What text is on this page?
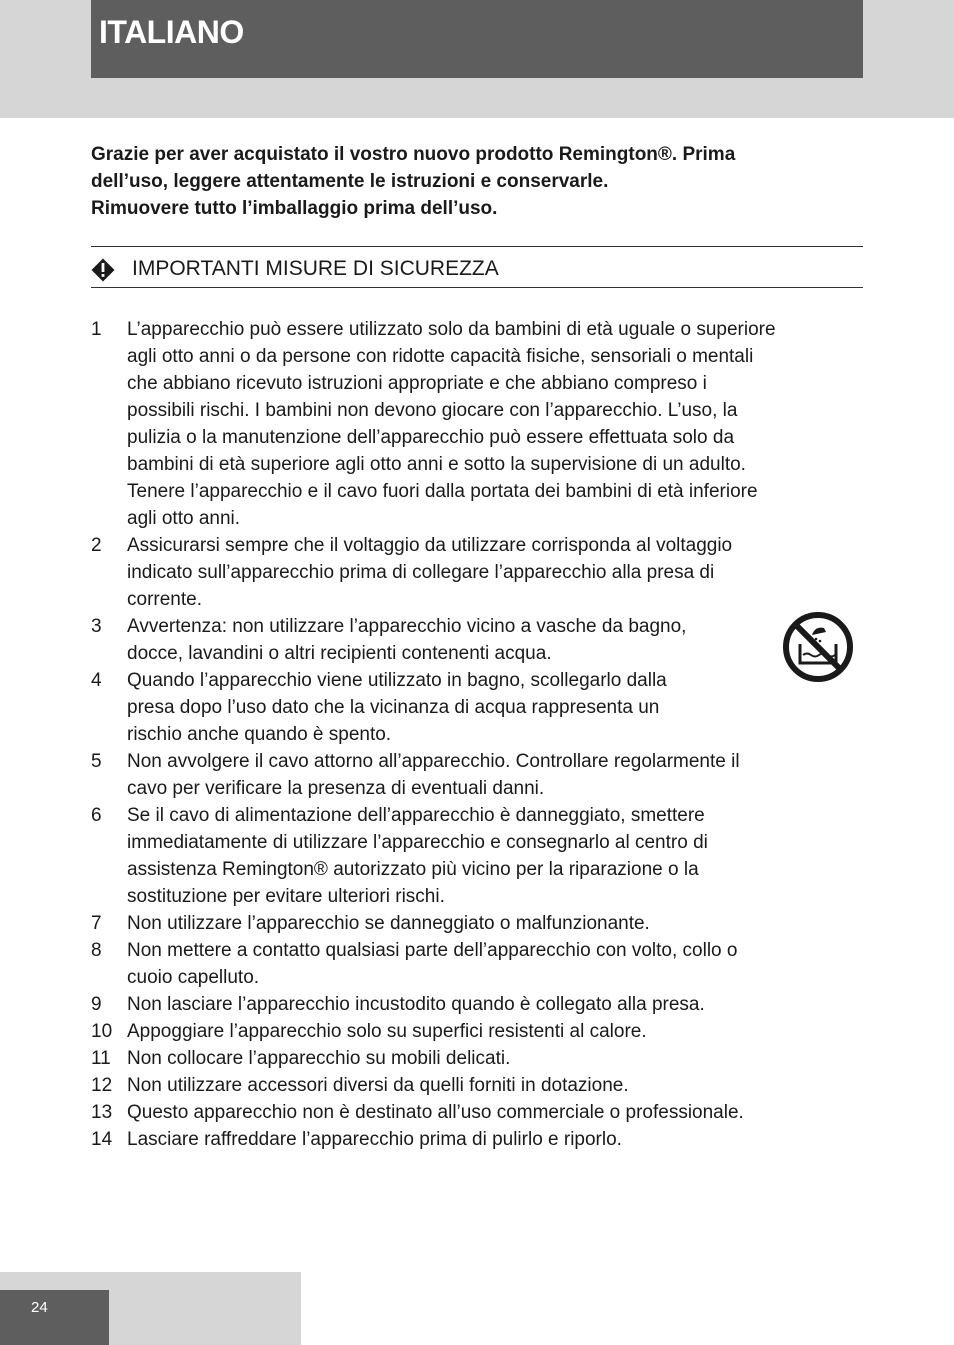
ITALIANO

Grazie per aver acquistato il vostro nuovo prodotto Remington®. Prima

dell’uso, leggere attentamente le istruzioni e conservarle.

Rimuovere tutto l’imballaggio prima dell’uso.

IMPORTANTI MISURE DI SICUREZZA
1 L’apparecchio può essere utilizzato solo da bambini di età uguale o superiore
agli otto anni o da persone con ridotte capacità fisiche, sensoriali o mentali
che abbiano ricevuto istruzioni appropriate e che abbiano compreso i
possibili rischi. I bambini non devono giocare con l’apparecchio. L’uso, la
pulizia o la manutenzione dell’apparecchio può essere effettuata solo da
bambini di età superiore agli otto anni e sotto la supervisione di un adulto.
Tenere l’apparecchio e il cavo fuori dalla portata dei bambini di età inferiore
agli otto anni.
2 Assicurarsi sempre che il voltaggio da utilizzare corrisponda al voltaggio
indicato sull’apparecchio prima di collegare l’apparecchio alla presa di
corrente.
3 Avvertenza: non utilizzare l’apparecchio vicino a vasche da bagno,
docce, lavandini o altri recipienti contenenti acqua.
4 Quando l’apparecchio viene utilizzato in bagno, scollegarlo dalla
presa dopo l’uso dato che la vicinanza di acqua rappresenta un
rischio anche quando è spento.
5 Non avvolgere il cavo attorno all’apparecchio. Controllare regolarmente il
cavo per verificare la presenza di eventuali danni.
6 Se il cavo di alimentazione dell’apparecchio è danneggiato, smettere
immediatamente di utilizzare l’apparecchio e consegnarlo al centro di
assistenza Remington® autorizzato più vicino per la riparazione o la
sostituzione per evitare ulteriori rischi.
7 Non utilizzare l’apparecchio se danneggiato o malfunzionante.
8 Non mettere a contatto qualsiasi parte dell’apparecchio con volto, collo o
cuoio capelluto.
9 Non lasciare l’apparecchio incustodito quando è collegato alla presa.
10 Appoggiare l’apparecchio solo su superfici resistenti al calore.
11 Non collocare l’apparecchio su mobili delicati.
12 Non utilizzare accessori diversi da quelli forniti in dotazione.
13 Questo apparecchio non è destinato all’uso commerciale o professionale.
14 Lasciare raffreddare l’apparecchio prima di pulirlo e riporlo.
24
